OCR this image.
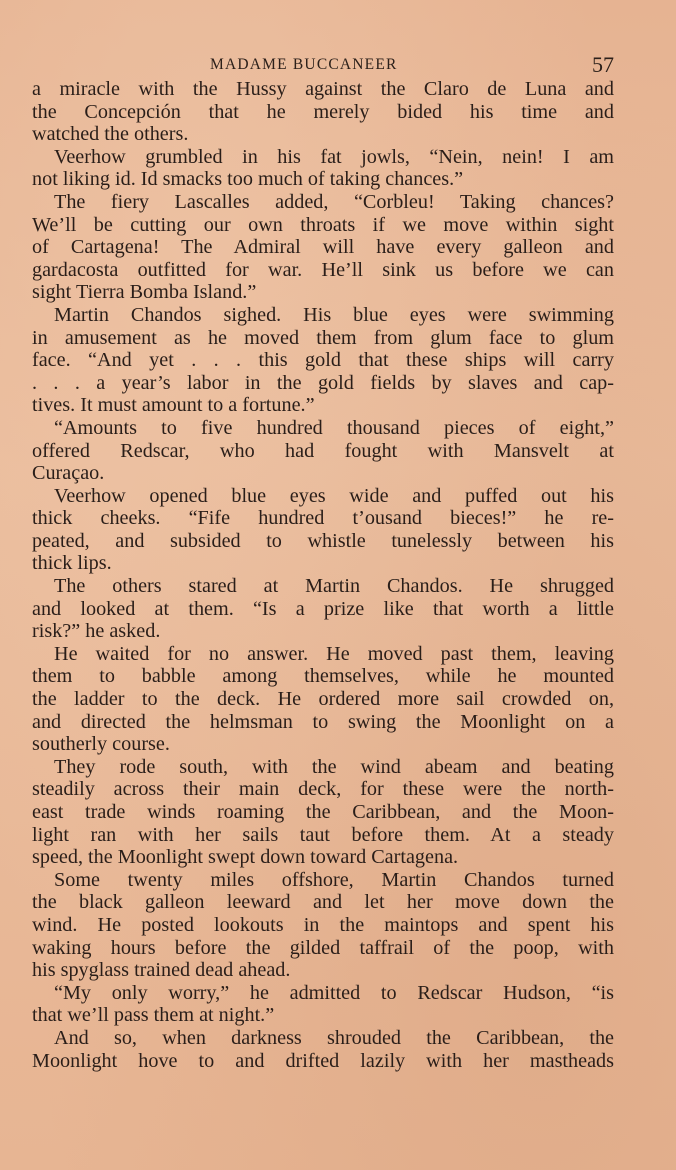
MADAME BUCCANEER	57
a miracle with the Hussy against the Claro de Luna and
the Concepción that he merely bided his time and
watched the others.
Veerhow grumbled in his fat jowls, “Nein, nein! I am
not liking id. Id smacks too much of taking chances.”
The fiery Lascalles added, “Corbleu! Taking chances?
We’ll be cutting our own throats if we move within sight
of Cartagena! The Admiral will have every galleon and
gardacosta outfitted for war. He’ll sink us before we can
sight Tierra Bomba Island.”
Martin Chandos sighed. His blue eyes were swimming
in amusement as he moved them from glum face to glum
face. “And yet . . . this gold that these ships will carry
. . . a year’s labor in the gold fields by slaves and cap-
tives. It must amount to a fortune.”
“Amounts to five hundred thousand pieces of eight,”
offered Redscar, who had fought with Mansvelt at
Curaçao.
Veerhow opened blue eyes wide and puffed out his
thick cheeks. “Fife hundred t’ousand bieces!” he re-
peated, and subsided to whistle tunelessly between his
thick lips.
The others stared at Martin Chandos. He shrugged
and looked at them. “Is a prize like that worth a little
risk?” he asked.
He waited for no answer. He moved past them, leaving
them to babble among themselves, while he mounted
the ladder to the deck. He ordered more sail crowded on,
and directed the helmsman to swing the Moonlight on a
southerly course.
They rode south, with the wind abeam and beating
steadily across their main deck, for these were the north-
east trade winds roaming the Caribbean, and the Moon-
light ran with her sails taut before them. At a steady
speed, the Moonlight swept down toward Cartagena.
Some twenty miles offshore, Martin Chandos turned
the black galleon leeward and let her move down the
wind. He posted lookouts in the maintops and spent his
waking hours before the gilded taffrail of the poop, with
his spyglass trained dead ahead.
“My only worry,” he admitted to Redscar Hudson, “is
that we’ll pass them at night.”
And so, when darkness shrouded the Caribbean, the
Moonlight hove to and drifted lazily with her mastheads
